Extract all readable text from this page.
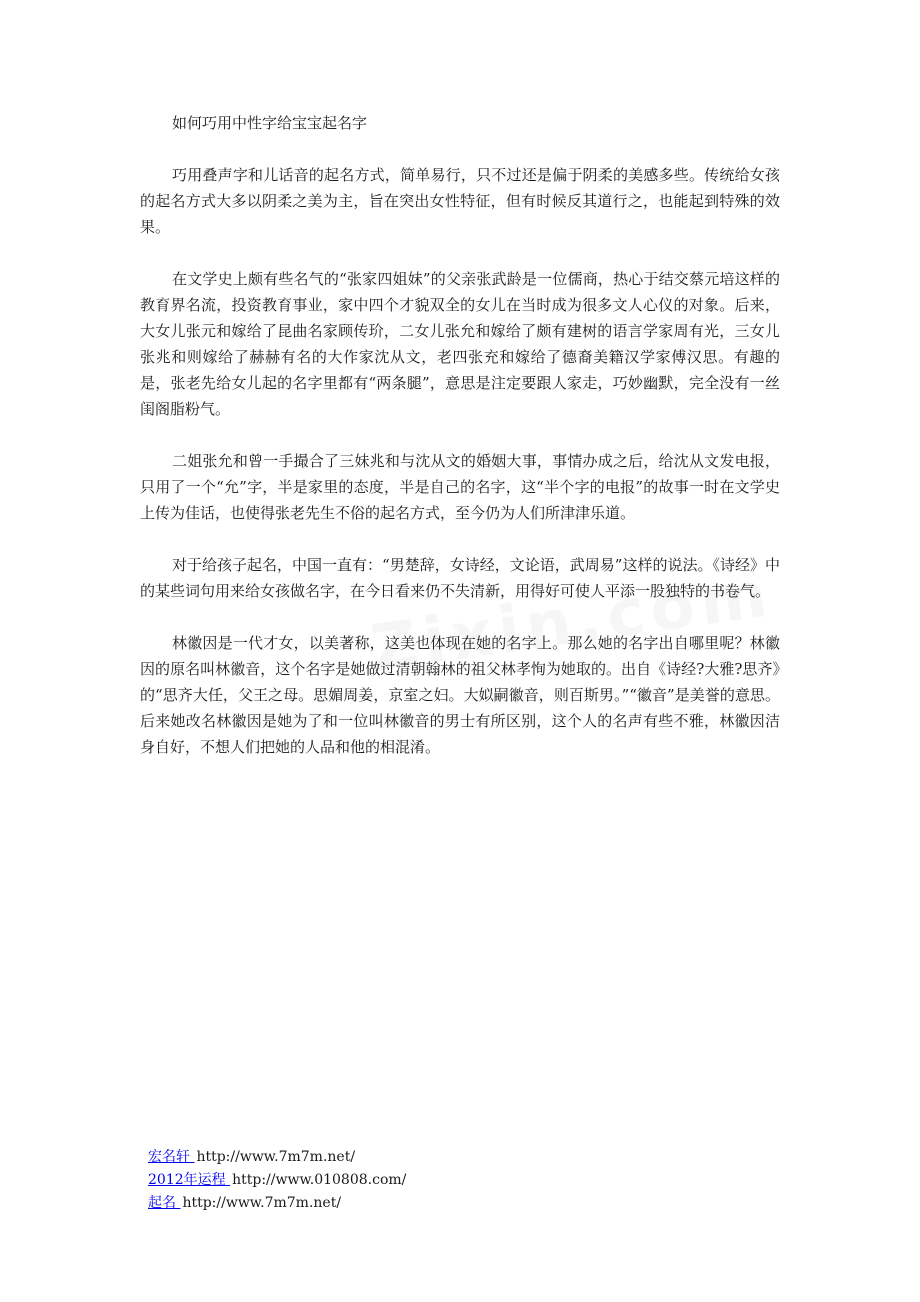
如何巧用中性字给宝宝起名字

巧用叠声字和儿话音的起名方式，简单易行，只不过还是偏于阴柔的美感多些。传统给女孩的起名方式大多以阴柔之美为主，旨在突出女性特征，但有时候反其道行之，也能起到特殊的效果。

在文学史上颇有些名气的“张家四姐妹”的父亲张武龄是一位儒商，热心于结交蔡元培这样的教育界名流，投资教育事业，家中四个才貌双全的女儿在当时成为很多文人心仪的对象。后来，大女儿张元和嫁给了昆曲名家顾传玠，二女儿张允和嫁给了颇有建树的语言学家周有光，三女儿张兆和则嫁给了赫赫有名的大作家沈从文，老四张充和嫁给了德裔美籍汉学家傅汉思。有趣的是，张老先给女儿起的名字里都有“两条腿”，意思是注定要跟人家走，巧妙幽默，完全没有一丝闺阁脂粉气。

二姐张允和曾一手撮合了三妹兆和与沈从文的婚姻大事，事情办成之后，给沈从文发电报，只用了一个“允”字，半是家里的态度，半是自己的名字，这“半个字的电报”的故事一时在文学史上传为佳话，也使得张老先生不俗的起名方式，至今仍为人们所津津乐道。

对于给孩子起名，中国一直有：“男楚辞，女诗经，文论语，武周易”这样的说法。《诗经》中的某些词句用来给女孩做名字，在今日看来仍不失清新，用得好可使人平添一股独特的书卷气。

林徽因是一代才女，以美著称，这美也体现在她的名字上。那么她的名字出自哪里呢？林徽因的原名叫林徽音，这个名字是她做过清朝翰林的祖父林孝恂为她取的。出自《诗经?大雅?思齐》的“思齐大任，父王之母。思媚周姜，京室之妇。大姒嗣徽音，则百斯男。”“徽音”是美誉的意思。后来她改名林徽因是她为了和一位叫林徽音的男士有所区别，这个人的名声有些不雅，林徽因洁身自好，不想人们把她的人品和他的相混淆。

宏名轩 http://www.7m7m.net/
2012年运程 http://www.010808.com/
起名 http://www.7m7m.net/
